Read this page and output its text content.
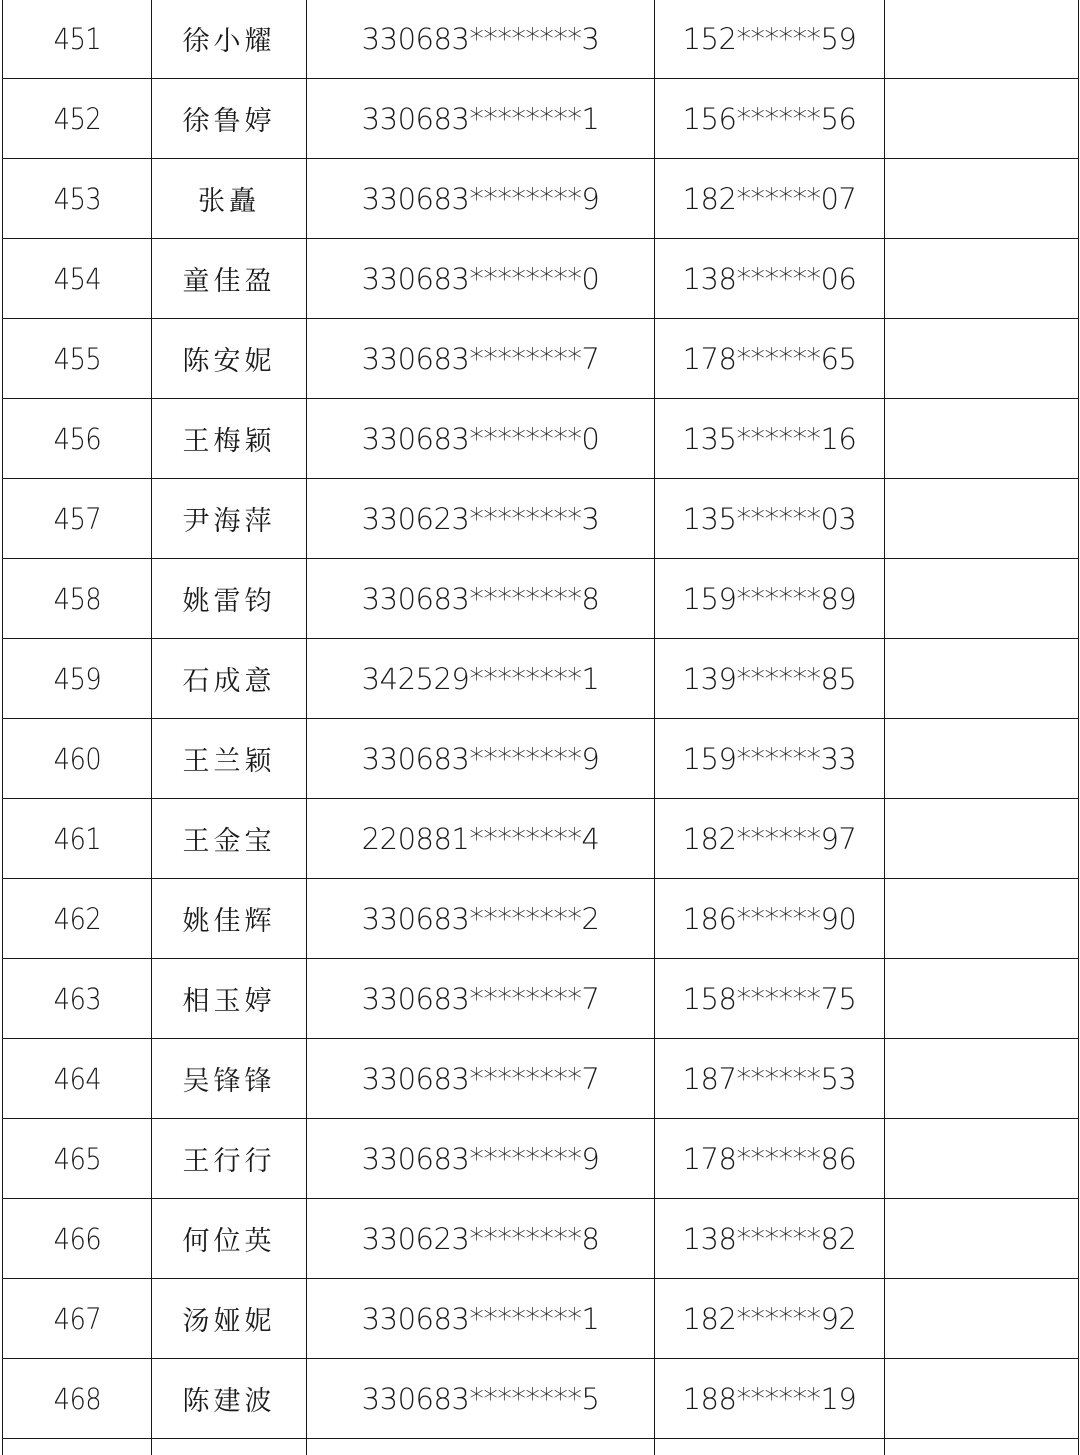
451	徐小耀	330683********3	152******59	
452	徐鲁婷	330683********1	156******56	
453	张矗	330683********9	182******07	
454	童佳盈	330683********0	138******06	
455	陈安妮	330683********7	178******65	
456	王梅颖	330683********0	135******16	
457	尹海萍	330623********3	135******03	
458	姚雷钧	330683********8	159******89	
459	石成意	342529********1	139******85	
460	王兰颖	330683********9	159******33	
461	王金宝	220881********4	182******97	
462	姚佳辉	330683********2	186******90	
463	相玉婷	330683********7	158******75	
464	吴锋锋	330683********7	187******53	
465	王行行	330683********9	178******86	
466	何位英	330623********8	138******82	
467	汤娅妮	330683********1	182******92	
468	陈建波	330683********5	188******19	
